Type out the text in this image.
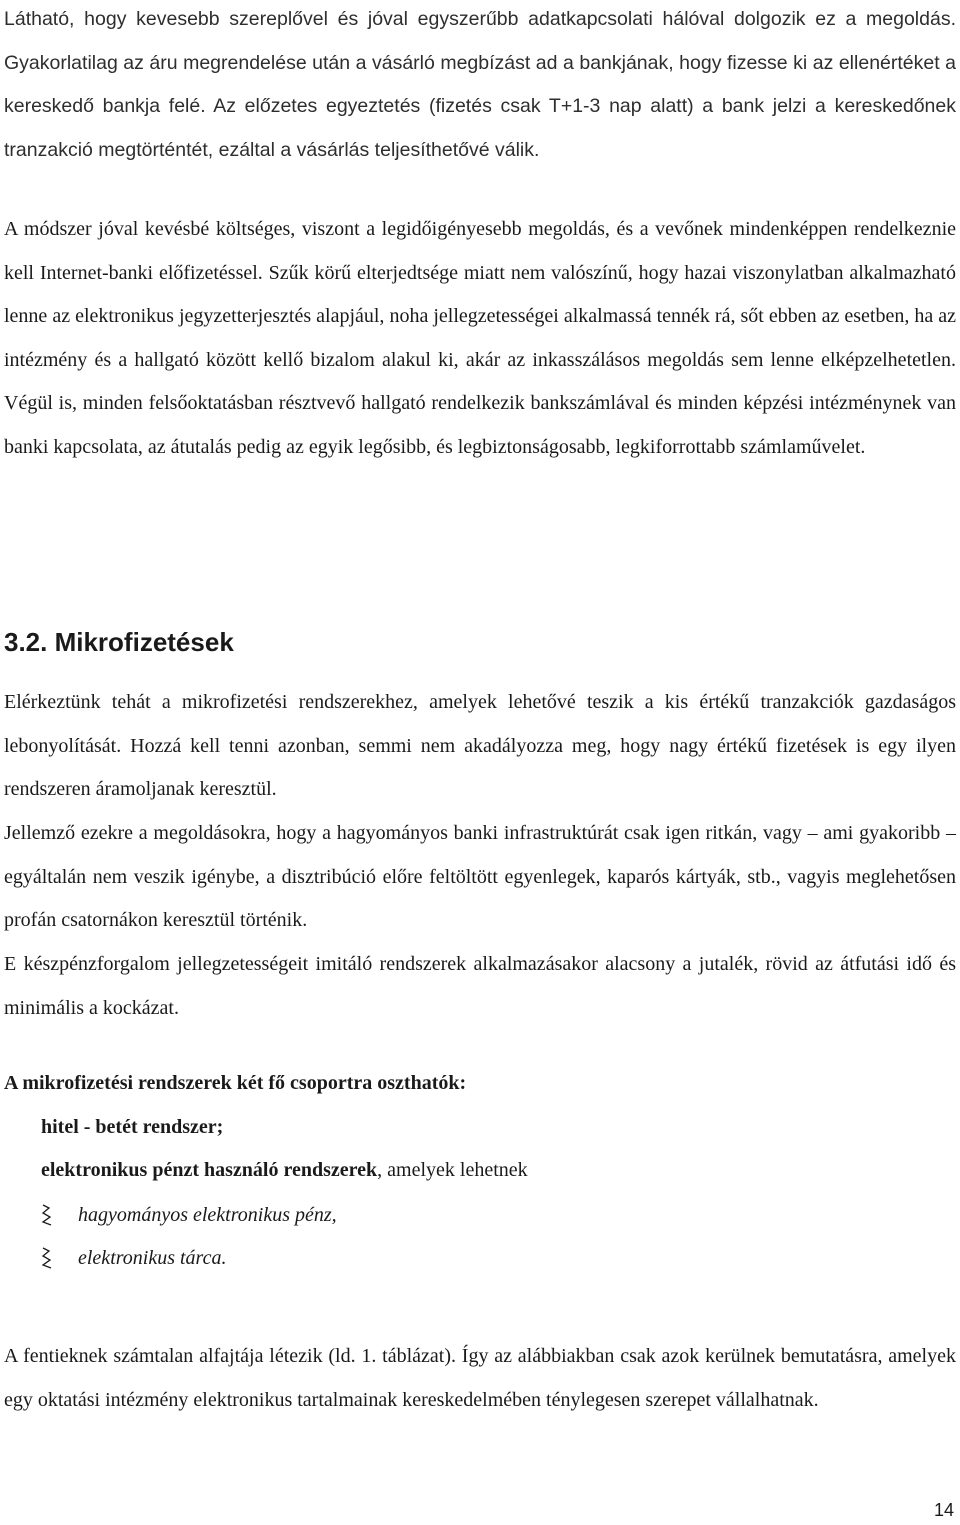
Látható, hogy kevesebb szereplővel és jóval egyszerűbb adatkapcsolati hálóval dolgozik ez a megoldás. Gyakorlatilag az áru megrendelése után a vásárló megbízást ad a bankjának, hogy fizesse ki az ellenértéket a kereskedő bankja felé. Az előzetes egyeztetés (fizetés csak T+1-3 nap alatt) a bank jelzi a kereskedőnek tranzakció megtörténtét, ezáltal a vásárlás teljesíthetővé válik.

A módszer jóval kevésbé költséges, viszont a legidőigényesebb megoldás, és a vevőnek mindenképpen rendelkeznie kell Internet-banki előfizetéssel. Szűk körű elterjedtsége miatt nem valószínű, hogy hazai viszonylatban alkalmazható lenne az elektronikus jegyzetterjesztés alapjául, noha jellegzetességei alkalmassá tennék rá, sőt ebben az esetben, ha az intézmény és a hallgató között kellő bizalom alakul ki, akár az inkasszálásos megoldás sem lenne elképzelhetetlen. Végül is, minden felsőoktatásban résztvevő hallgató rendelkezik bankszámlával és minden képzési intézménynek van banki kapcsolata, az átutalás pedig az egyik legősibb, és legbiztonságosabb, legkiforrottabb számlaművelet.

3.2. Mikrofizetések

Elérkeztünk tehát a mikrofizetési rendszerekhez, amelyek lehetővé teszik a kis értékű tranzakciók gazdaságos lebonyolítását. Hozzá kell tenni azonban, semmi nem akadályozza meg, hogy nagy értékű fizetések is egy ilyen rendszeren áramoljanak keresztül.

Jellemző ezekre a megoldásokra, hogy a hagyományos banki infrastruktúrát csak igen ritkán, vagy – ami gyakoribb – egyáltalán nem veszik igénybe, a disztribúció előre feltöltött egyenlegek, kaparós kártyák, stb., vagyis meglehetősen profán csatornákon keresztül történik.

E készpénzforgalom jellegzetességeit imitáló rendszerek alkalmazásakor alacsony a jutalék, rövid az átfutási idő és minimális a kockázat.

A mikrofizetési rendszerek két fő csoportra oszthatók:

hitel - betét rendszer;

elektronikus pénzt használó rendszerek, amelyek lehetnek

hagyományos elektronikus pénz,

elektronikus tárca.

A fentieknek számtalan alfajtája létezik (ld. 1. táblázat). Így az alábbiakban csak azok kerülnek bemutatásra, amelyek egy oktatási intézmény elektronikus tartalmainak kereskedelmében ténylegesen szerepet vállalhatnak.

14
